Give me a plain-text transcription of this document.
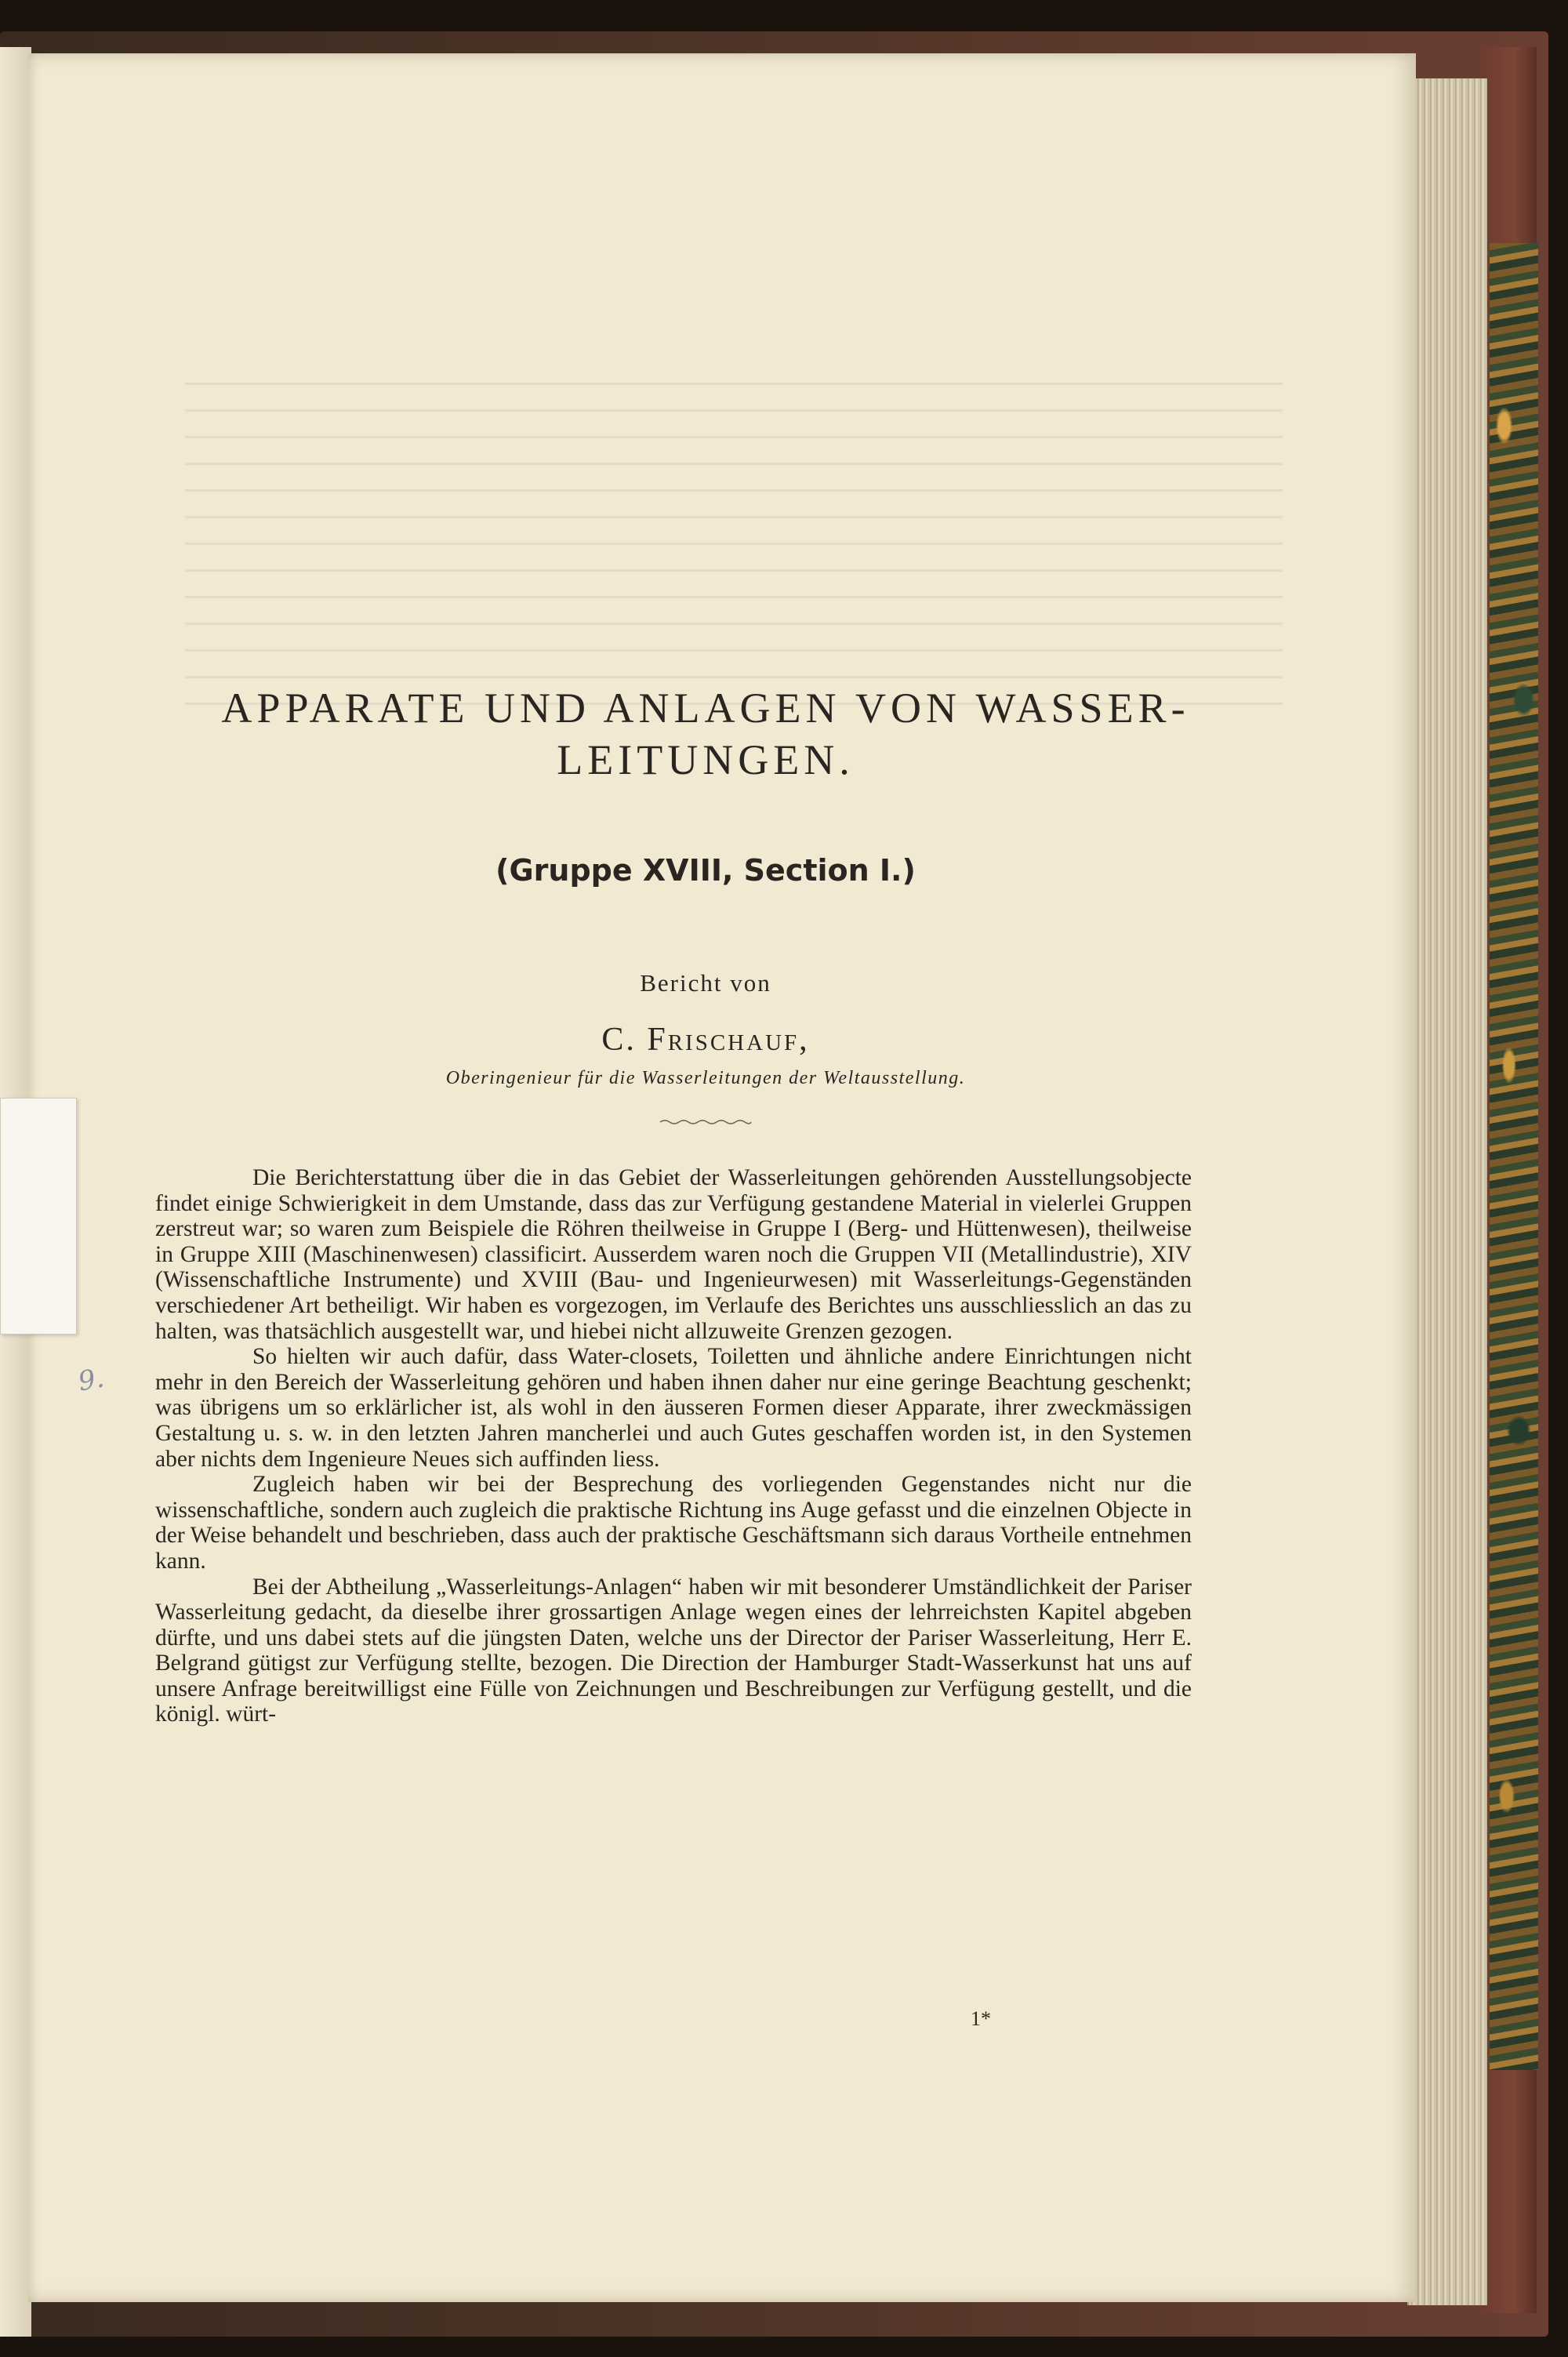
9.
APPARATE UND ANLAGEN VON WASSER-LEITUNGEN.
(Gruppe XVIII, Section I.)
Bericht von
C. Frischauf,
Oberingenieur für die Wasserleitungen der Weltausstellung.

Die Berichterstattung über die in das Gebiet der Wasserleitungen gehörenden Ausstellungsobjecte findet einige Schwierigkeit in dem Umstande, dass das zur Verfügung gestandene Material in vielerlei Gruppen zerstreut war; so waren zum Beispiele die Röhren theilweise in Gruppe I (Berg- und Hüttenwesen), theilweise in Gruppe XIII (Maschinenwesen) classificirt. Ausserdem waren noch die Gruppen VII (Metallindustrie), XIV (Wissenschaftliche Instrumente) und XVIII (Bau- und Ingenieurwesen) mit Wasserleitungs-Gegenständen verschiedener Art betheiligt. Wir haben es vorgezogen, im Verlaufe des Berichtes uns ausschliesslich an das zu halten, was thatsächlich ausgestellt war, und hiebei nicht allzuweite Grenzen gezogen.

So hielten wir auch dafür, dass Water-closets, Toiletten und ähnliche andere Einrichtungen nicht mehr in den Bereich der Wasserleitung gehören und haben ihnen daher nur eine geringe Beachtung geschenkt; was übrigens um so erklärlicher ist, als wohl in den äusseren Formen dieser Apparate, ihrer zweckmässigen Gestaltung u. s. w. in den letzten Jahren mancherlei und auch Gutes geschaffen worden ist, in den Systemen aber nichts dem Ingenieure Neues sich auffinden liess.

Zugleich haben wir bei der Besprechung des vorliegenden Gegenstandes nicht nur die wissenschaftliche, sondern auch zugleich die praktische Richtung ins Auge gefasst und die einzelnen Objecte in der Weise behandelt und beschrieben, dass auch der praktische Geschäftsmann sich daraus Vortheile entnehmen kann.

Bei der Abtheilung „Wasserleitungs-Anlagen“ haben wir mit besonderer Umständlichkeit der Pariser Wasserleitung gedacht, da dieselbe ihrer grossartigen Anlage wegen eines der lehrreichsten Kapitel abgeben dürfte, und uns dabei stets auf die jüngsten Daten, welche uns der Director der Pariser Wasserleitung, Herr E. Belgrand gütigst zur Verfügung stellte, bezogen. Die Direction der Hamburger Stadt-Wasserkunst hat uns auf unsere Anfrage bereitwilligst eine Fülle von Zeichnungen und Beschreibungen zur Verfügung gestellt, und die königl. würt-

1*
